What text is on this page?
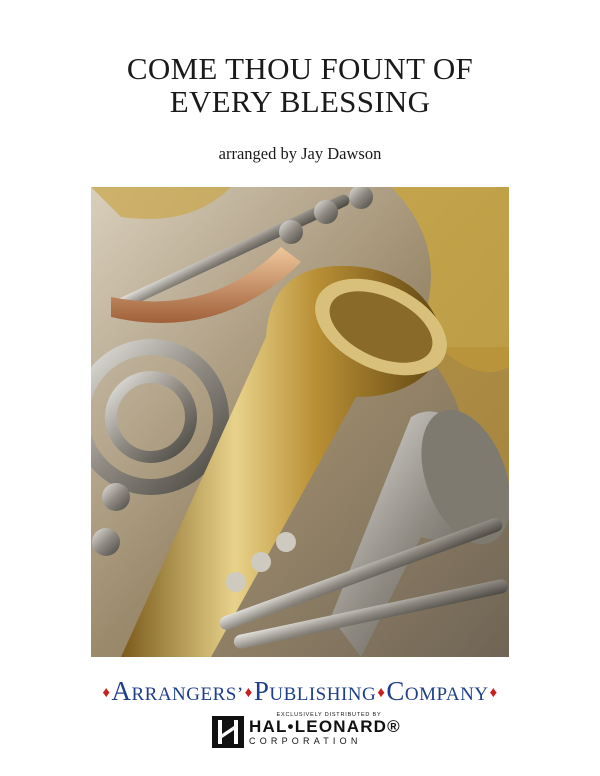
COME THOU FOUNT OF
EVERY BLESSING
arranged by Jay Dawson
♦ARRANGERS’♦PUBLISHING♦COMPANY♦
EXCLUSIVELY DISTRIBUTED BY
HAL•LEONARD®
CORPORATION
